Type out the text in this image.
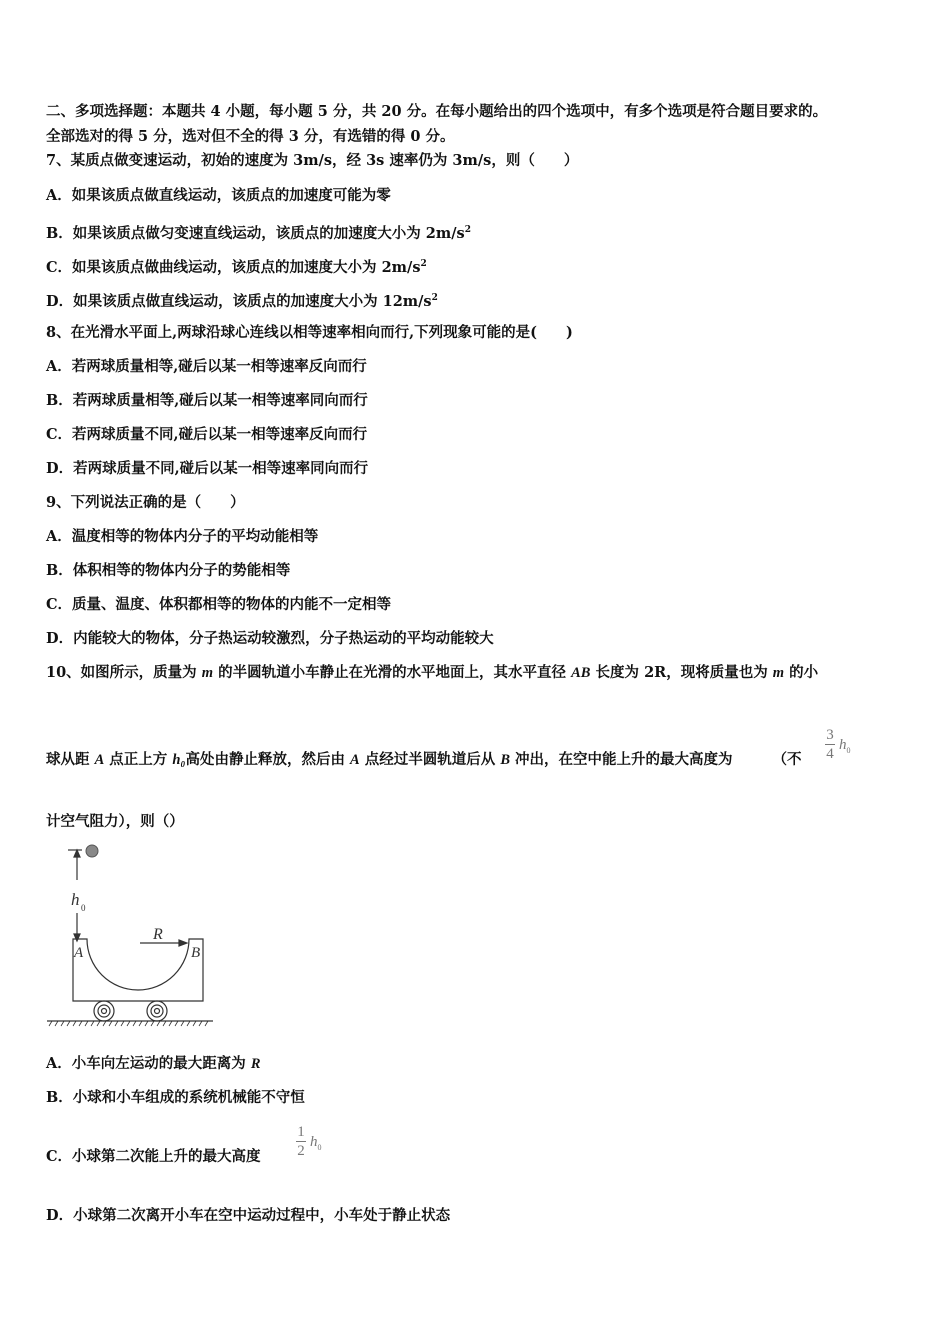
二、多项选择题：本题共 4 小题，每小题 5 分，共 20 分。在每小题给出的四个选项中，有多个选项是符合题目要求的。
全部选对的得 5 分，选对但不全的得 3 分，有选错的得 0 分。
7、某质点做变速运动，初始的速度为 3m/s，经 3s 速率仍为 3m/s，则（　　）
A．如果该质点做直线运动，该质点的加速度可能为零
B．如果该质点做匀变速直线运动，该质点的加速度大小为 $2m/s^2$
C．如果该质点做曲线运动，该质点的加速度大小为 $2m/s^2$
D．如果该质点做直线运动，该质点的加速度大小为 $12m/s^2$
8、在光滑水平面上,两球沿球心连线以相等速率相向而行,下列现象可能的是(　　)
A．若两球质量相等,碰后以某一相等速率反向而行
B．若两球质量相等,碰后以某一相等速率同向而行
C．若两球质量不同,碰后以某一相等速率反向而行
D．若两球质量不同,碰后以某一相等速率同向而行
9、下列说法正确的是（　　）
A．温度相等的物体内分子的平均动能相等
B．体积相等的物体内分子的势能相等
C．质量、温度、体积都相等的物体的内能不一定相等
D．内能较大的物体，分子热运动较激烈，分子热运动的平均动能较大
10、如图所示，质量为 m 的半圆轨道小车静止在光滑的水平地面上，其水平直径 AB 长度为 2R，现将质量也为 m 的小
球从距 A 点正上方 h₀高处由静止释放，然后由 A 点经过半圆轨道后从 B 冲出，在空中能上升的最大高度为	（不
3
4
$h_0$
计空气阻力），则（）
h 0
R
A	B
A．小车向左运动的最大距离为 R
B．小球和小车组成的系统机械能不守恒
C．小球第二次能上升的最大高度
1
2
$h_0$
D．小球第二次离开小车在空中运动过程中，小车处于静止状态
